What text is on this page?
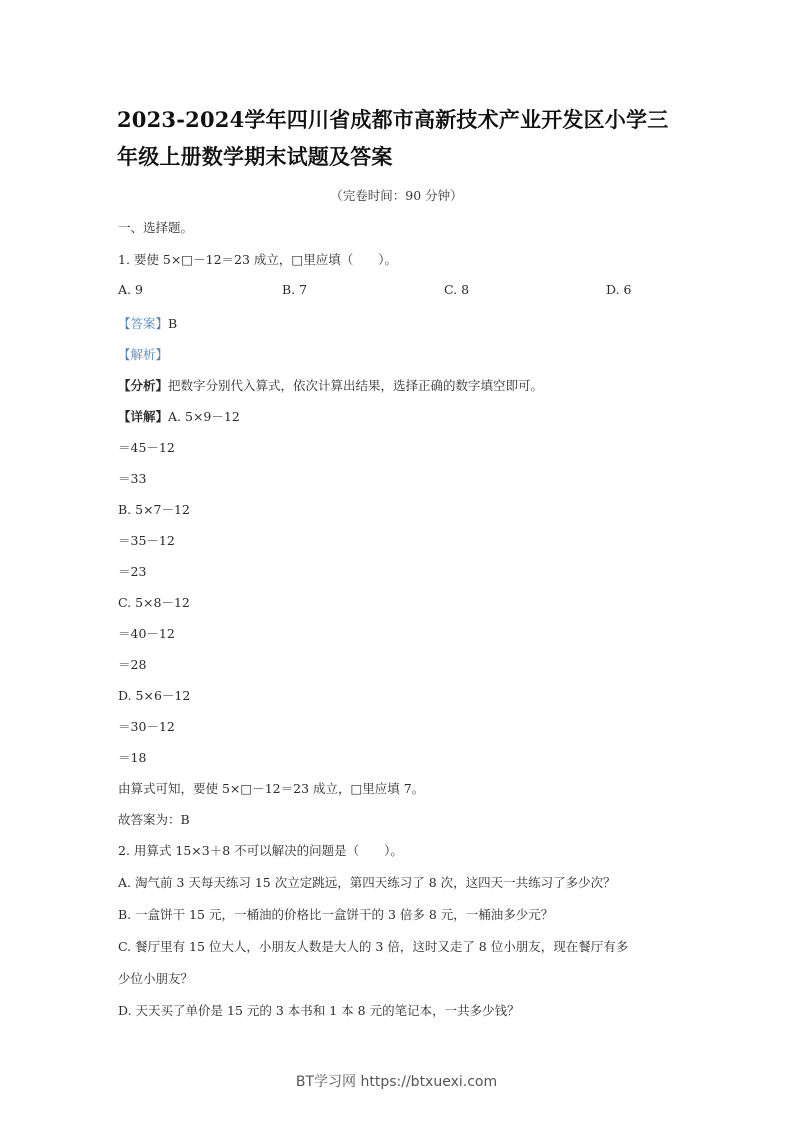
2023-2024学年四川省成都市高新技术产业开发区小学三年级上册数学期末试题及答案
（完卷时间：90 分钟）
一、选择题。
1. 要使 5×□－12＝23 成立，□里应填（　　）。
A. 9	B. 7	C. 8	D. 6
【答案】B
【解析】
【分析】把数字分别代入算式，依次计算出结果，选择正确的数字填空即可。
【详解】A. 5×9－12
＝45－12
＝33
B. 5×7－12
＝35－12
＝23
C. 5×8－12
＝40－12
＝28
D. 5×6－12
＝30－12
＝18
由算式可知，要使 5×□－12＝23 成立，□里应填 7。
故答案为：B
2. 用算式 15×3＋8 不可以解决的问题是（　　）。
A. 淘气前 3 天每天练习 15 次立定跳远，第四天练习了 8 次，这四天一共练习了多少次？
B. 一盒饼干 15 元，一桶油的价格比一盒饼干的 3 倍多 8 元，一桶油多少元？
C. 餐厅里有 15 位大人，小朋友人数是大人的 3 倍，这时又走了 8 位小朋友，现在餐厅有多
少位小朋友？
D. 天天买了单价是 15 元的 3 本书和 1 本 8 元的笔记本，一共多少钱？
BT学习网 https://btxuexi.com
